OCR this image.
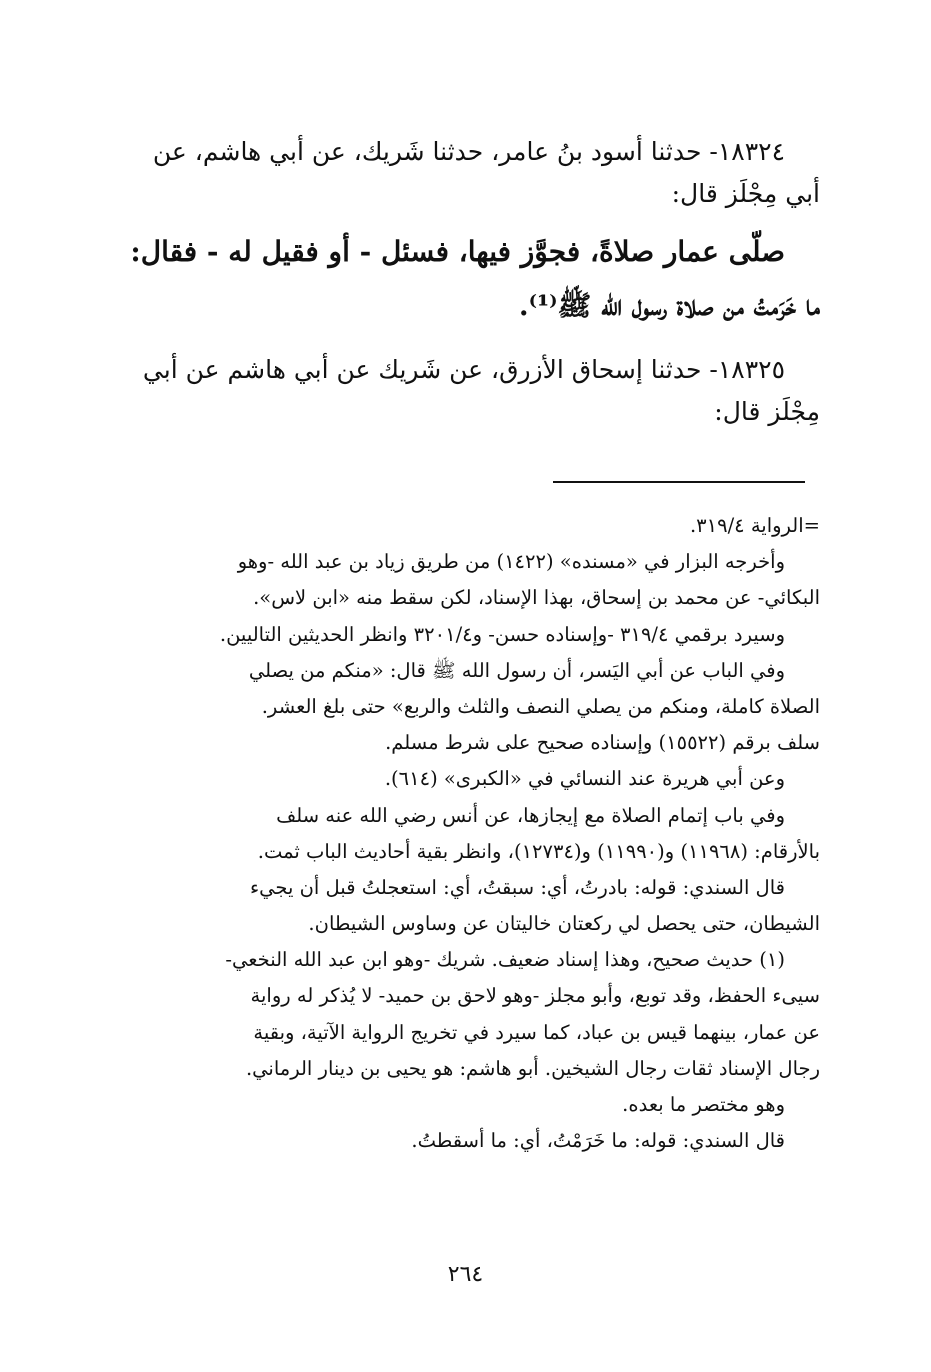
١٨٣٢٤- حدثنا أسود بنُ عامر، حدثنا شَريك، عن أبي هاشم، عن
أبي مِجْلَز قال:
صلّى عمار صلاةً، فجوَّز فيها، فسئل - أو فقيل له - فقال:
ما خَرَمتُ من صلاة رسول الله ﷺ⁽¹⁾.
١٨٣٢٥- حدثنا إسحاق الأزرق، عن شَريك عن أبي هاشم عن أبي
مِجْلَز قال:
=الرواية ٣١٩/٤.
وأخرجه البزار في «مسنده» (١٤٢٢) من طريق زياد بن عبد الله -وهو
البكائي- عن محمد بن إسحاق، بهذا الإسناد، لكن سقط منه «ابن لاس».
وسيرد برقمي ٣١٩/٤ -وإسناده حسن- و٣٢٠١/٤ وانظر الحديثين التاليين.
وفي الباب عن أبي اليَسر، أن رسول الله ﷺ قال: «منكم من يصلي
الصلاة كاملة، ومنكم من يصلي النصف والثلث والربع» حتى بلغ العشر.
سلف برقم (١٥٥٢٢) وإسناده صحيح على شرط مسلم.
وعن أبي هريرة عند النسائي في «الكبرى» (٦١٤).
وفي باب إتمام الصلاة مع إيجازها، عن أنس رضي الله عنه سلف
بالأرقام: (١١٩٦٨) و(١١٩٩٠) و(١٢٧٣٤)، وانظر بقية أحاديث الباب ثمت.
قال السندي: قوله: بادرتُ، أي: سبقتُ، أي: استعجلتُ قبل أن يجيء
الشيطان، حتى يحصل لي ركعتان خاليتان عن وساوس الشيطان.
(١) حديث صحيح، وهذا إسناد ضعيف. شريك -وهو ابن عبد الله النخعي-
سيىء الحفظ، وقد توبع، وأبو مجلز -وهو لاحق بن حميد- لا يُذكر له رواية
عن عمار، بينهما قيس بن عباد، كما سيرد في تخريج الرواية الآتية، وبقية
رجال الإسناد ثقات رجال الشيخين. أبو هاشم: هو يحيى بن دينار الرماني.
وهو مختصر ما بعده.
قال السندي: قوله: ما خَرَمْتُ، أي: ما أسقطتُ.
٢٦٤
